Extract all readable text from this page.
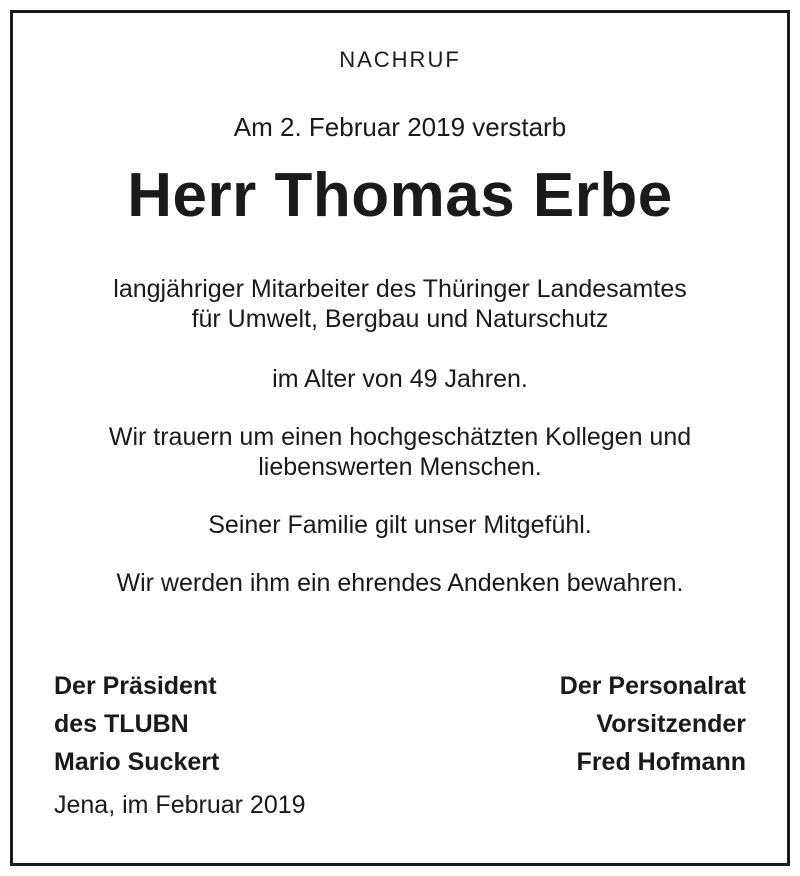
NACHRUF
Am 2. Februar 2019 verstarb
Herr Thomas Erbe
langjähriger Mitarbeiter des Thüringer Landesamtes
für Umwelt, Bergbau und Naturschutz
im Alter von 49 Jahren.
Wir trauern um einen hochgeschätzten Kollegen und
liebenswerten Menschen.
Seiner Familie gilt unser Mitgefühl.
Wir werden ihm ein ehrendes Andenken bewahren.
Der Präsident
des TLUBN
Mario Suckert
Der Personalrat
Vorsitzender
Fred Hofmann
Jena, im Februar 2019
